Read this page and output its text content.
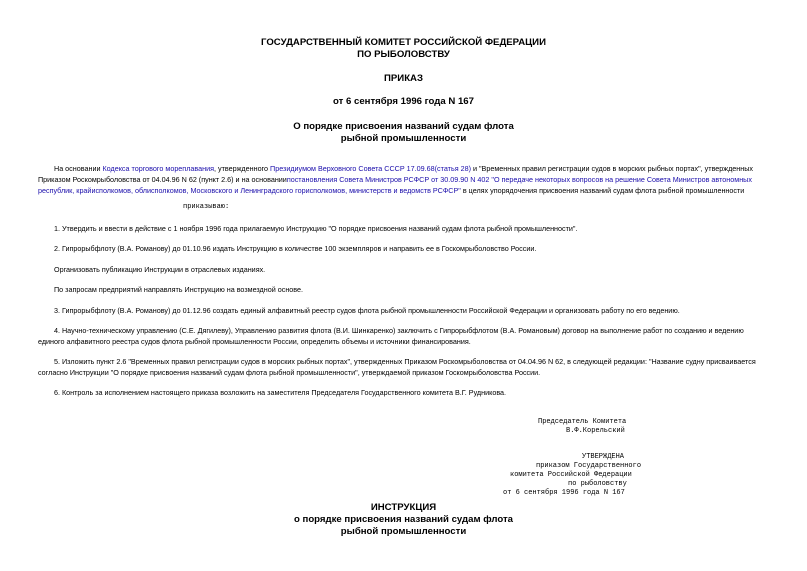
ГОСУДАРСТВЕННЫЙ КОМИТЕТ РОССИЙСКОЙ ФЕДЕРАЦИИ
ПО РЫБОЛОВСТВУ
ПРИКАЗ
от 6 сентября 1996 года N 167
О порядке присвоения названий судам флота
рыбной промышленности
На основании Кодекса торгового мореплавания, утвержденного Президиумом Верховного Совета СССР 17.09.68(статья 28) и "Временных правил регистрации судов в морских рыбных портах", утвержденных
Приказом Роскомрыболовства от 04.04.96 N 62 (пункт 2.6) и на основаниипостановления Совета Министров РСФСР от 30.09.90 N 402 "О передаче некоторых вопросов на решение Совета Министров автономных
республик, крайисполкомов, облисполкомов, Московского и Ленинградского горисполкомов, министерств и ведомств РСФСР" в целях упорядочения присвоения названий судам флота рыбной промышленности
приказываю:
1. Утвердить и ввести в действие с 1 ноября 1996 года прилагаемую Инструкцию "О порядке присвоения названий судам флота рыбной промышленности".
2. Гипрорыбфлоту (В.А. Романову) до 01.10.96 издать Инструкцию в количестве 100 экземпляров и направить ее в Госкомрыболовство России.
Организовать публикацию Инструкции в отраслевых изданиях.
По запросам предприятий направлять Инструкцию на возмездной основе.
3. Гипрорыбфлоту (В.А. Романову) до 01.12.96 создать единый алфавитный реестр судов флота рыбной промышленности Российской Федерации и организовать работу по его ведению.
4. Научно-техническому управлению (С.Е. Дягилеву), Управлению развития флота (В.И. Шинкаренко) заключить с Гипрорыбфлотом (В.А. Романовым) договор на выполнение работ по созданию и ведению
единого алфавитного реестра судов флота рыбной промышленности России, определить объемы и источники финансирования.
5. Изложить пункт 2.6 "Временных правил регистрации судов в морских рыбных портах", утвержденных Приказом Роскомрыболовства от 04.04.96 N 62, в следующей редакции: "Название судну присваивается
согласно Инструкции "О порядке присвоения названий судам флота рыбной промышленности", утверждаемой приказом Госкомрыболовства России.
6. Контроль за исполнением настоящего приказа возложить на заместителя Председателя Государственного комитета В.Г. Рудникова.
Председатель Комитета
В.Ф.Корельский
УТВЕРЖДЕНА
приказом Государственного
комитета Российской Федерации
по рыболовству
от 6 сентября 1996 года N 167
ИНСТРУКЦИЯ
о порядке присвоения названий судам флота
рыбной промышленности
